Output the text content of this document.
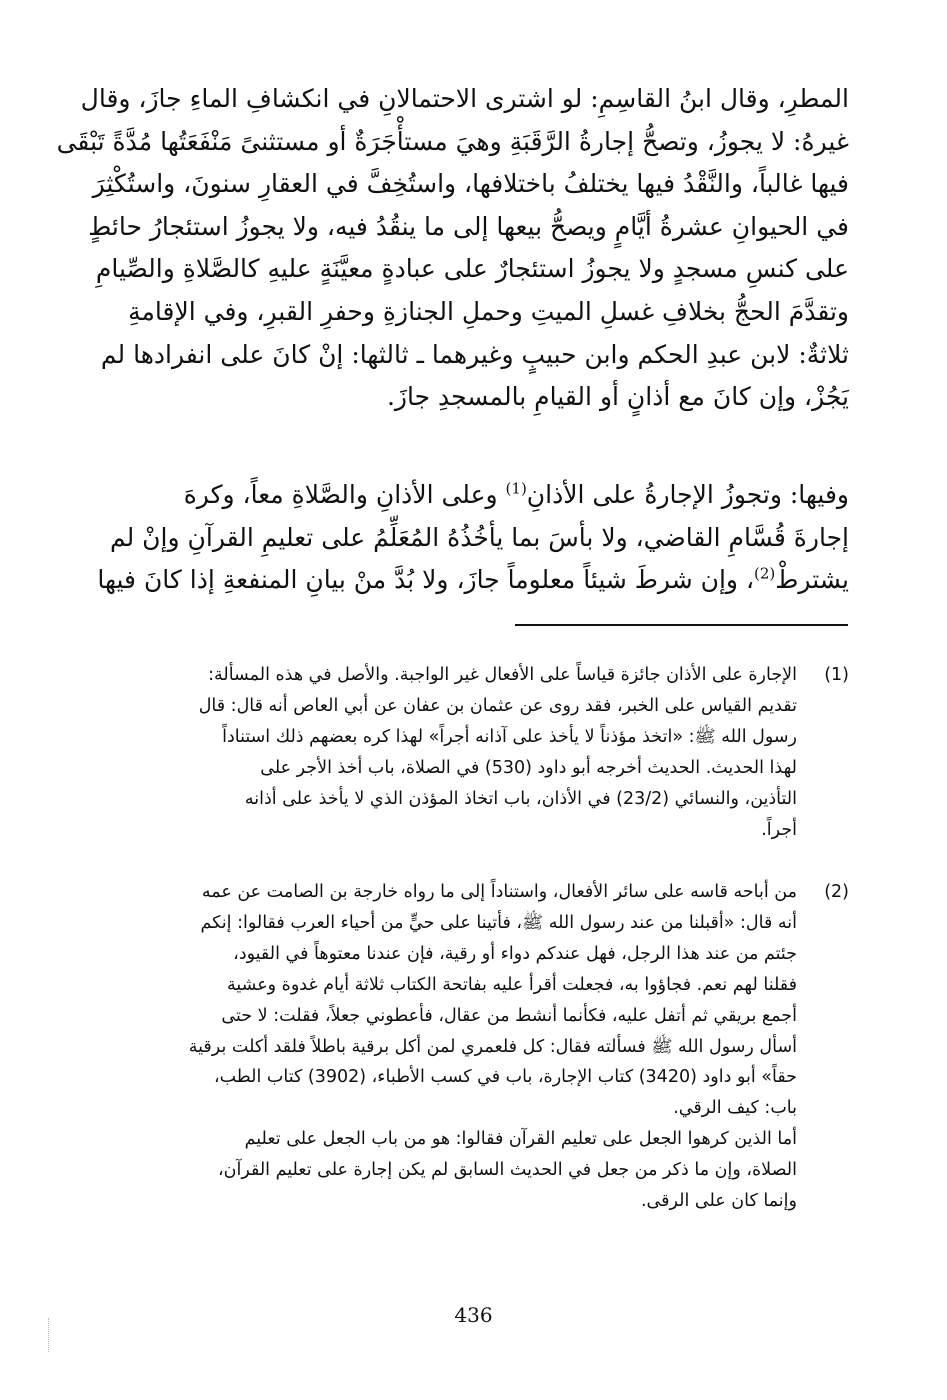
المطرِ، وقال ابنُ القاسِمِ: لو اشترى الاحتمالانِ في انكشافِ الماءِ جازَ، وقال
غيرهُ: لا يجوزُ، وتصحُّ إجارةُ الرَّقَبَةِ وهيَ مستأْجَرَةٌ أو مستثنىً مَنْفَعَتُها مُدَّةً تَبْقَى
فيها غالباً، والنَّقْدُ فيها يختلفُ باختلافها، واستُخِفَّ في العقارِ سنونَ، واستُكْثِرَ
في الحيوانِ عشرةُ أيَّامٍ ويصحُّ بيعها إلى ما ينقُدُ فيه، ولا يجوزُ استئجارُ حائطٍ
على كنسِ مسجدٍ ولا يجوزُ استئجارٌ على عبادةٍ معيَّنَةٍ عليهِ كالصَّلاةِ والصِّيامِ
وتقدَّمَ الحجُّ بخلافِ غسلِ الميتِ وحملِ الجنازةِ وحفرِ القبرِ، وفي الإقامةِ
ثلاثةٌ: لابن عبدِ الحكم وابن حبيبٍ وغيرهما ـ ثالثها: إنْ كانَ على انفرادها لم
يَجُزْ، وإن كانَ مع أذانٍ أو القيامِ بالمسجدِ جازَ.
وفيها: وتجوزُ الإجارةُ على الأذانِ$^{(1)}$ وعلى الأذانِ والصَّلاةِ معاً، وكرهَ
إجارةَ قُسَّامِ القاضي، ولا بأسَ بما يأخُذُهُ المُعَلِّمُ على تعليمِ القرآنِ وإنْ لم
يشترطْ$^{(2)}$، وإن شرطَ شيئاً معلوماً جازَ، ولا بُدَّ منْ بيانِ المنفعةِ إذا كانَ فيها
(1)
الإجارة على الأذان جائزة قياساً على الأفعال غير الواجبة. والأصل في هذه المسألة:
تقديم القياس على الخبر، فقد روى عن عثمان بن عفان عن أبي العاص أنه قال: قال
رسول الله ﷺ: «اتخذ مؤذناً لا يأخذ على آذانه أجراً» لهذا كره بعضهم ذلك استناداً
لهذا الحديث. الحديث أخرجه أبو داود (530) في الصلاة، باب أخذ الأجر على
التأذين، والنسائي (23/2) في الأذان، باب اتخاذ المؤذن الذي لا يأخذ على أذانه
أجراً.
(2)
من أباحه قاسه على سائر الأفعال، واستناداً إلى ما رواه خارجة بن الصامت عن عمه
أنه قال: «أقبلنا من عند رسول الله ﷺ، فأتينا على حيٍّ من أحياء العرب فقالوا: إنكم
جئتم من عند هذا الرجل، فهل عندكم دواء أو رقية، فإن عندنا معتوهاً في القيود،
فقلنا لهم نعم. فجاؤوا به، فجعلت أقرأ عليه بفاتحة الكتاب ثلاثة أيام غدوة وعشية
أجمع بريقي ثم أتفل عليه، فكأنما أنشط من عقال، فأعطوني جعلاً، فقلت: لا حتى
أسأل رسول الله ﷺ فسألته فقال: كل فلعمري لمن أكل برقية باطلاً فلقد أكلت برقية
حقاً» أبو داود (3420) كتاب الإجارة، باب في كسب الأطباء، (3902) كتاب الطب،
باب: كيف الرقي.
أما الذين كرهوا الجعل على تعليم القرآن فقالوا: هو من باب الجعل على تعليم
الصلاة، وإن ما ذكر من جعل في الحديث السابق لم يكن إجارة على تعليم القرآن،
وإنما كان على الرقى.
436
